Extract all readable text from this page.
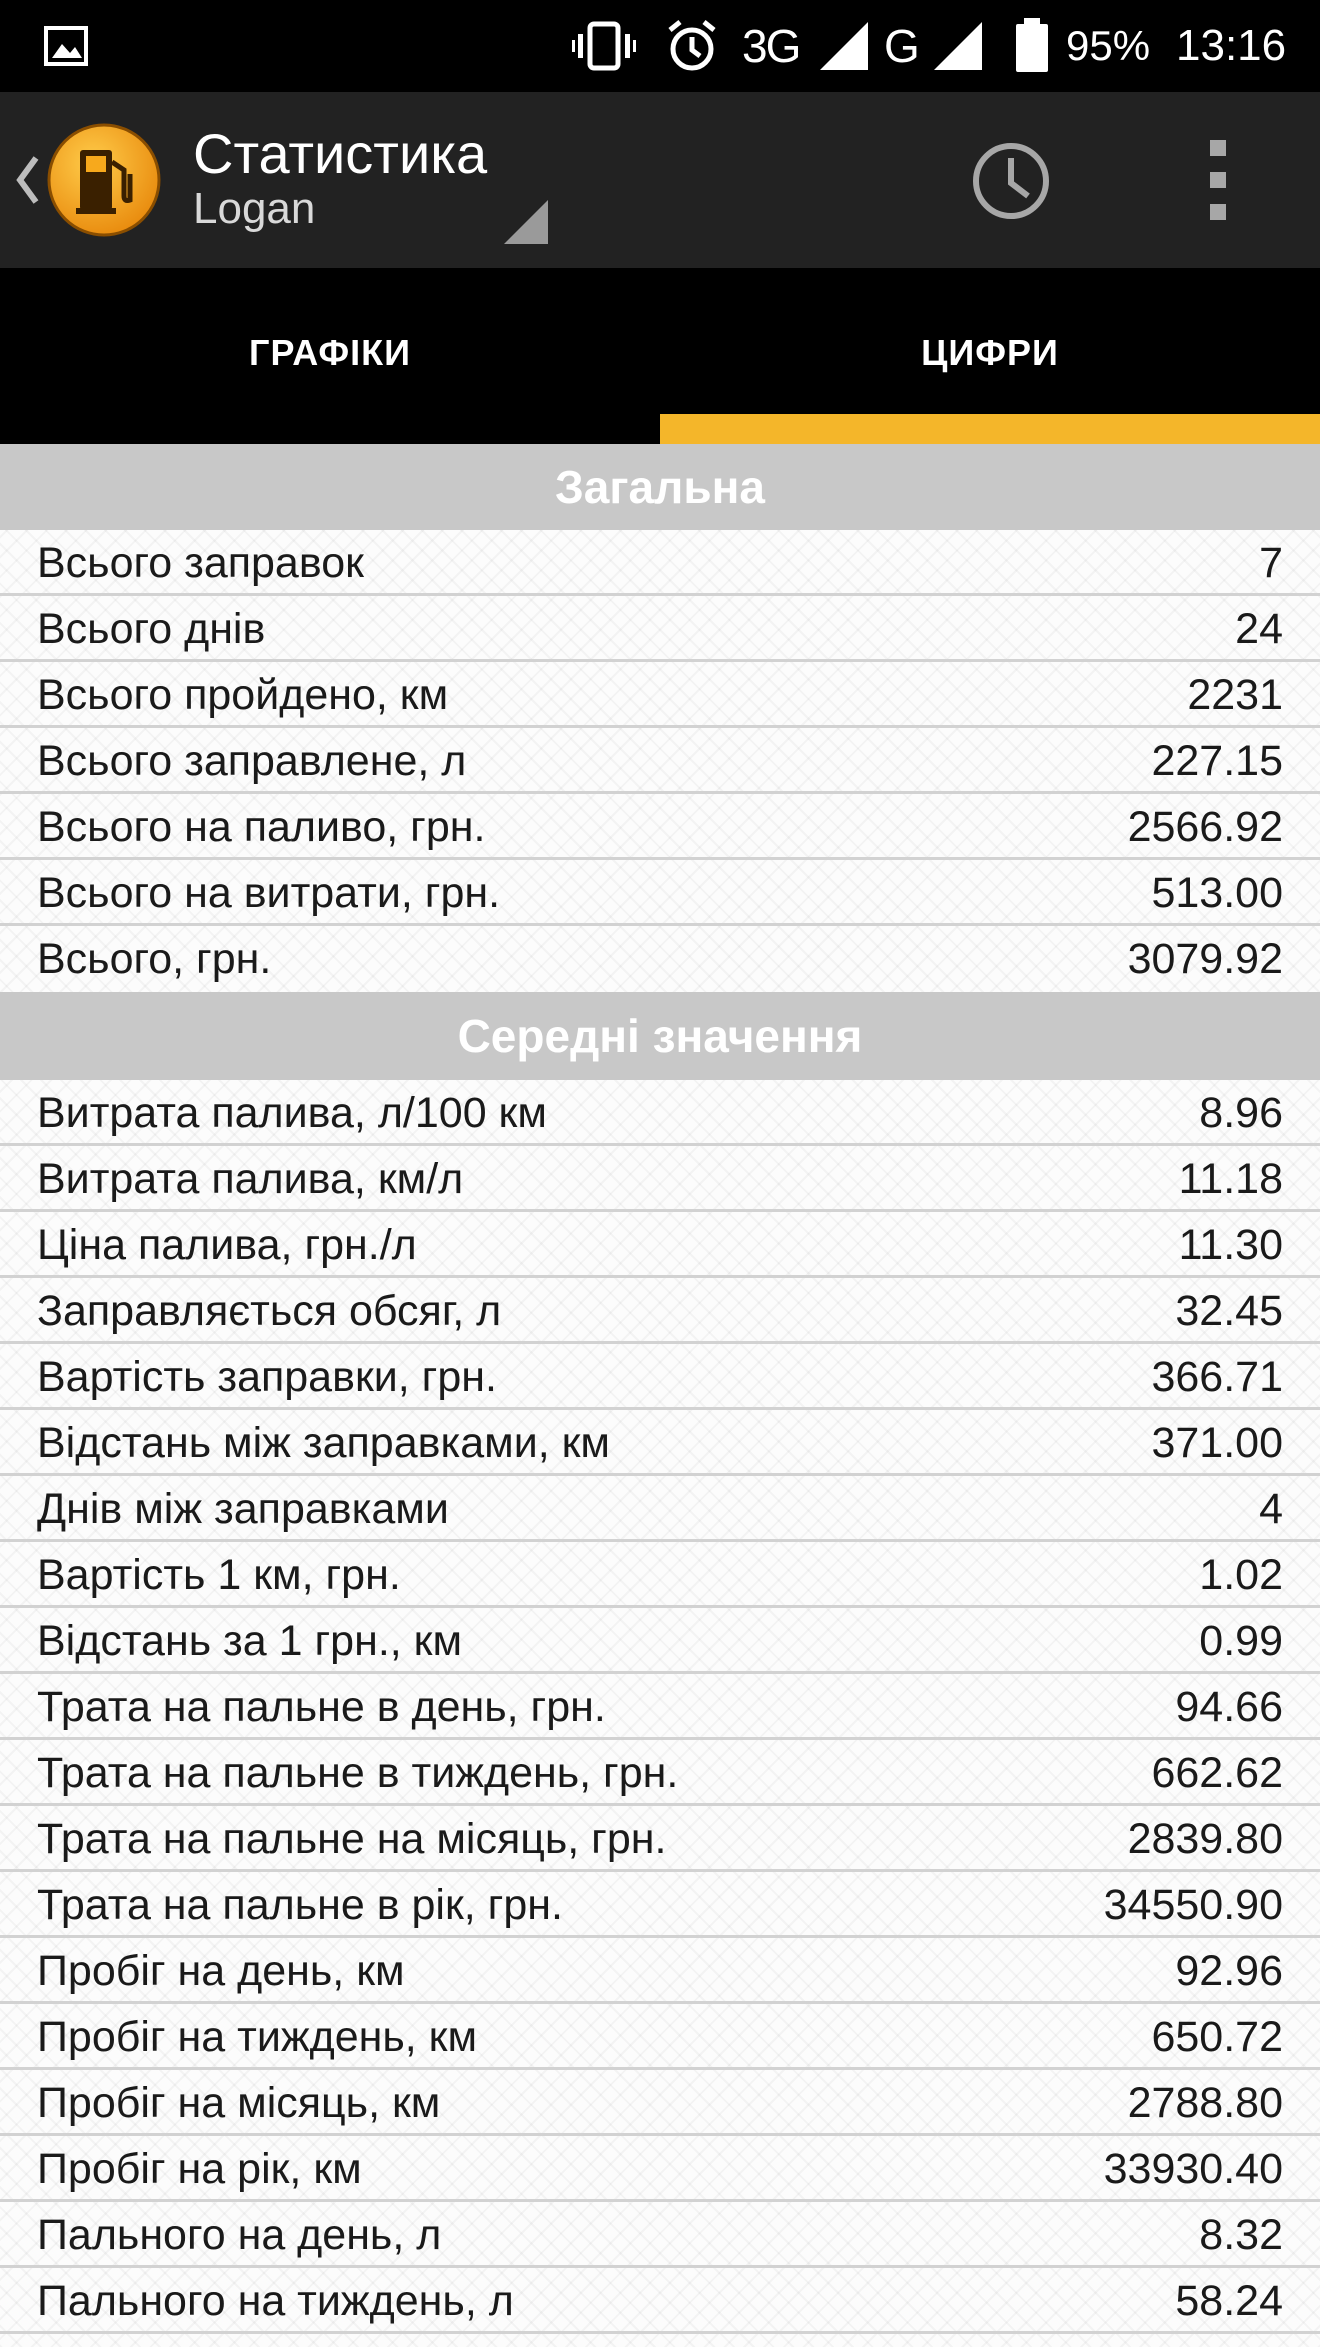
3G G	95% 13:16
Статистика
Logan
ГРАФІКИ	ЦИФРИ
Загальна
Всього заправок	7
Всього днів	24
Всього пройдено, км	2231
Всього заправлене, л	227.15
Всього на паливо, грн.	2566.92
Всього на витрати, грн.	513.00
Всього, грн.	3079.92
Середні значення
Витрата палива, л/100 км	8.96
Витрата палива, км/л	11.18
Ціна палива, грн./л	11.30
Заправляється обсяг, л	32.45
Вартість заправки, грн.	366.71
Відстань між заправками, км	371.00
Днів між заправками	4
Вартість 1 км, грн.	1.02
Відстань за 1 грн., км	0.99
Трата на пальне в день, грн.	94.66
Трата на пальне в тиждень, грн.	662.62
Трата на пальне на місяць, грн.	2839.80
Трата на пальне в рік, грн.	34550.90
Пробіг на день, км	92.96
Пробіг на тиждень, км	650.72
Пробіг на місяць, км	2788.80
Пробіг на рік, км	33930.40
Пального на день, л	8.32
Пального на тиждень, л	58.24
